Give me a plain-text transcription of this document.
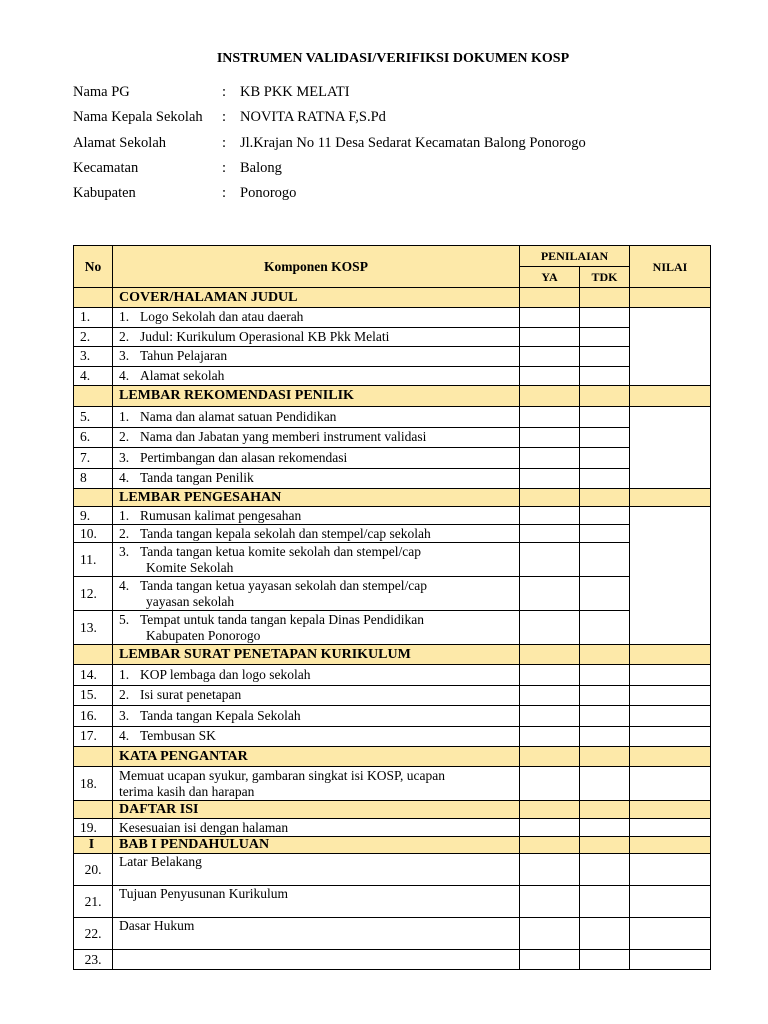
INSTRUMEN VALIDASI/VERIFIKSI DOKUMEN KOSP
Nama PG	: KB PKK MELATI
Nama Kepala Sekolah : NOVITA RATNA F,S.Pd
Alamat Sekolah	: Jl.Krajan No 11 Desa Sedarat Kecamatan Balong Ponorogo
Kecamatan	: Balong
Kabupaten	: Ponorogo
No	Komponen KOSP	PENILAIAN		NILAI
		YA	TDK	
	COVER/HALAMAN JUDUL			
1.	1. Logo Sekolah dan atau daerah			
2.	2. Judul: Kurikulum Operasional KB Pkk Melati			
3.	3. Tahun Pelajaran			
4.	4. Alamat sekolah			
	LEMBAR REKOMENDASI PENILIK			
5.	1. Nama dan alamat satuan Pendidikan			
6.	2. Nama dan Jabatan yang memberi instrument validasi			
7.	3. Pertimbangan dan alasan rekomendasi			
8	4. Tanda tangan Penilik			
	LEMBAR PENGESAHAN			
9.	1. Rumusan kalimat pengesahan			
10.	2. Tanda tangan kepala sekolah dan stempel/cap sekolah			
11.	3. Tanda tangan ketua komite sekolah dan stempel/cap
Komite Sekolah			
12.	4. Tanda tangan ketua yayasan sekolah dan stempel/cap
yayasan sekolah			
13.	5. Tempat untuk tanda tangan kepala Dinas Pendidikan
Kabupaten Ponorogo			
	LEMBAR SURAT PENETAPAN KURIKULUM			
14.	1. KOP lembaga dan logo sekolah			
15.	2. Isi surat penetapan			
16.	3. Tanda tangan Kepala Sekolah			
17.	4. Tembusan SK			
	KATA PENGANTAR			
18.	Memuat ucapan syukur, gambaran singkat isi KOSP, ucapan
terima kasih dan harapan			
	DAFTAR ISI			
19.	Kesesuaian isi dengan halaman			
I	BAB I PENDAHULUAN			
20.	Latar Belakang			
21.	Tujuan Penyusunan Kurikulum			
22.	Dasar Hukum			
23.				
